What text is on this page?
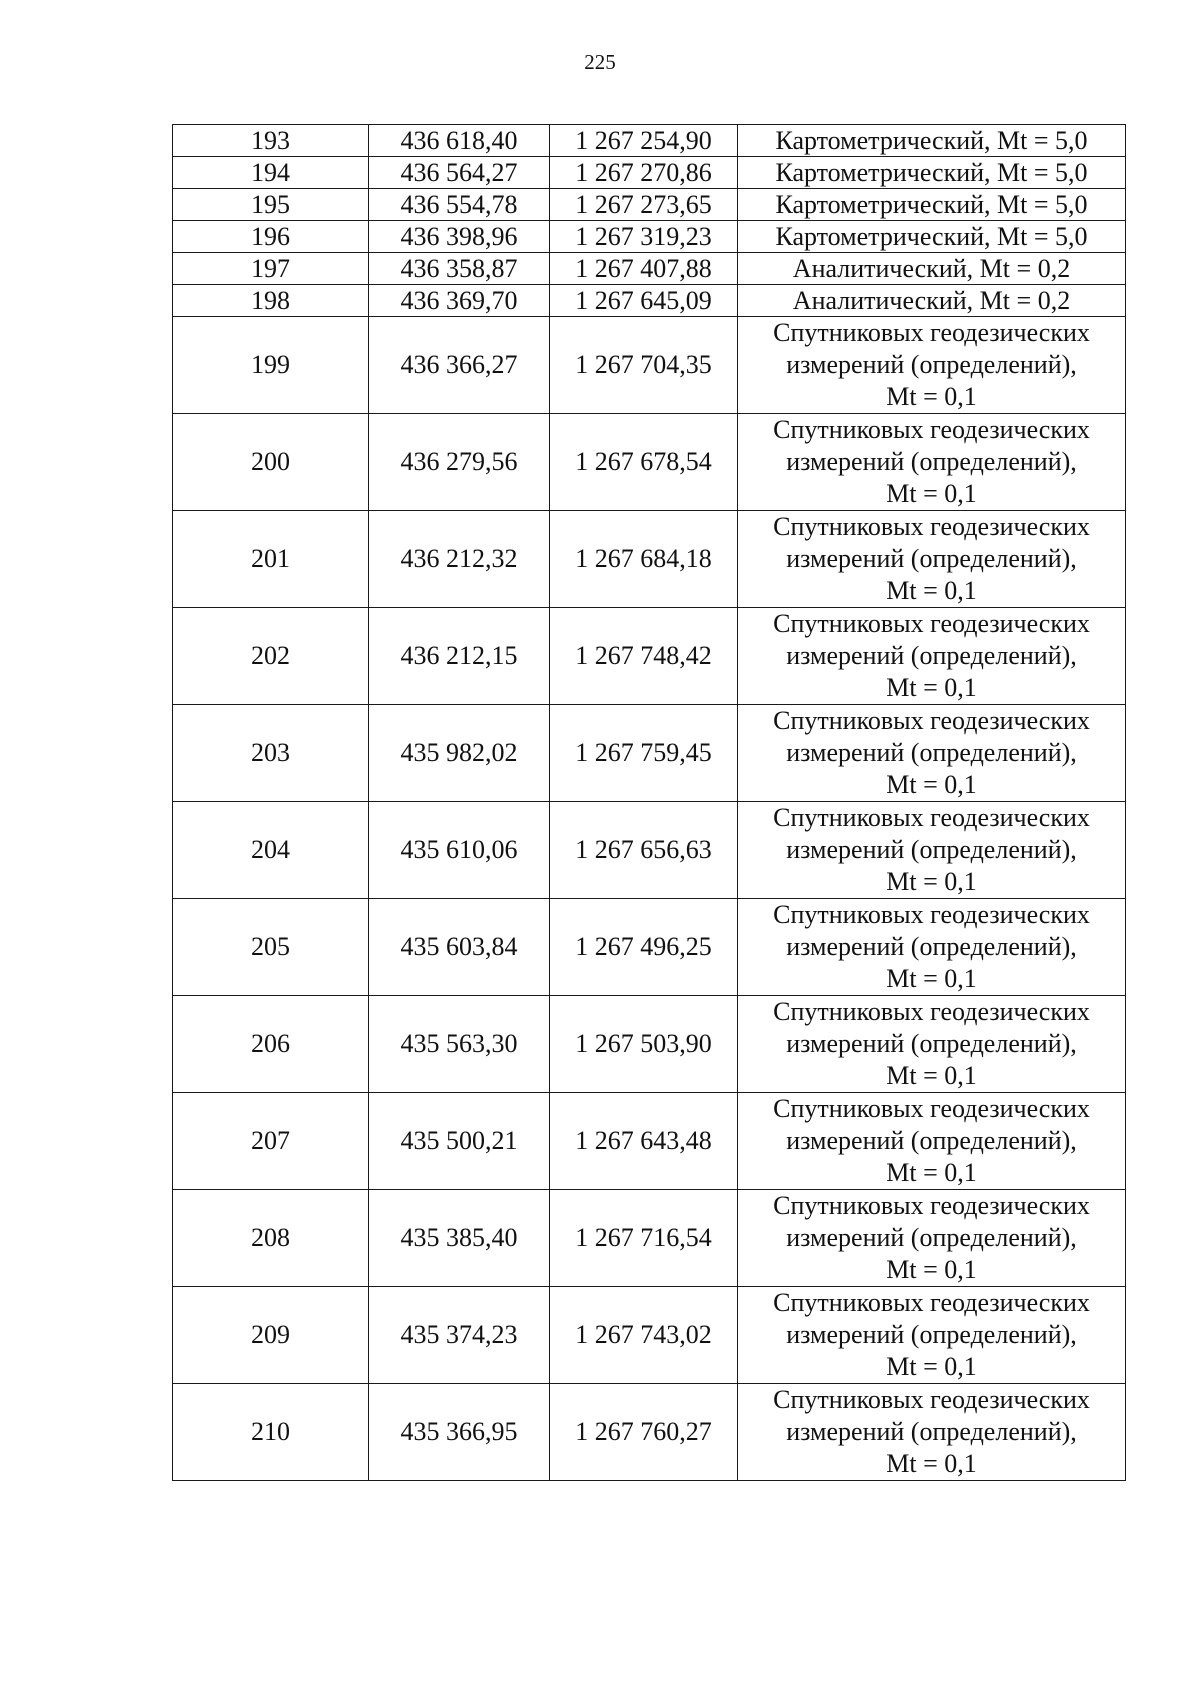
225
193	436 618,40	1 267 254,90	Картометрический, Mt = 5,0

194	436 564,27	1 267 270,86	Картометрический, Mt = 5,0

195	436 554,78	1 267 273,65	Картометрический, Mt = 5,0

196	436 398,96	1 267 319,23	Картометрический, Mt = 5,0

197	436 358,87	1 267 407,88	Аналитический, Mt = 0,2

198	436 369,70	1 267 645,09	Аналитический, Mt = 0,2

199	436 366,27	1 267 704,35	Спутниковых геодезических
измерений (определений),
Mt = 0,1

200	436 279,56	1 267 678,54	Спутниковых геодезических
измерений (определений),
Mt = 0,1

201	436 212,32	1 267 684,18	Спутниковых геодезических
измерений (определений),
Mt = 0,1

202	436 212,15	1 267 748,42	Спутниковых геодезических
измерений (определений),
Mt = 0,1

203	435 982,02	1 267 759,45	Спутниковых геодезических
измерений (определений),
Mt = 0,1

204	435 610,06	1 267 656,63	Спутниковых геодезических
измерений (определений),
Mt = 0,1

205	435 603,84	1 267 496,25	Спутниковых геодезических
измерений (определений),
Mt = 0,1

206	435 563,30	1 267 503,90	Спутниковых геодезических
измерений (определений),
Mt = 0,1

207	435 500,21	1 267 643,48	Спутниковых геодезических
измерений (определений),
Mt = 0,1

208	435 385,40	1 267 716,54	Спутниковых геодезических
измерений (определений),
Mt = 0,1

209	435 374,23	1 267 743,02	Спутниковых геодезических
измерений (определений),
Mt = 0,1

210	435 366,95	1 267 760,27	Спутниковых геодезических
измерений (определений),
Mt = 0,1
